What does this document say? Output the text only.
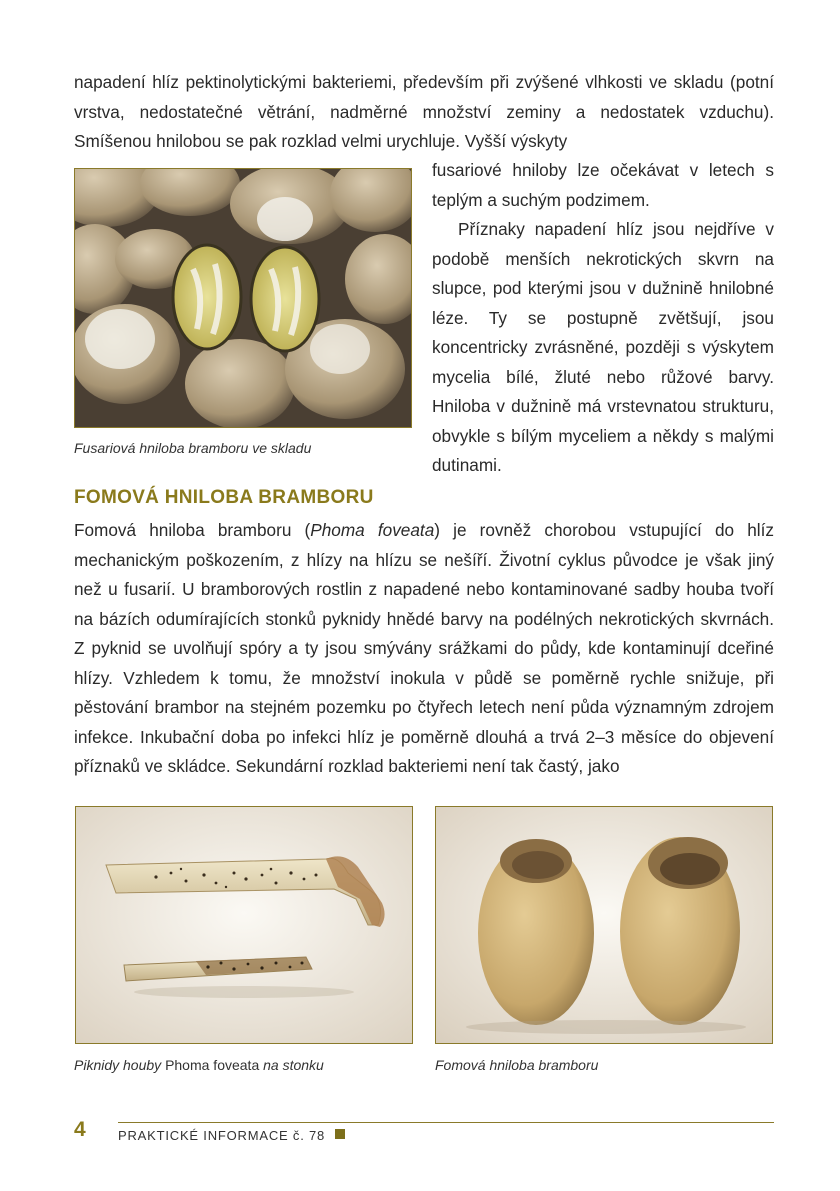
napadení hlíz pektinolytickými bakteriemi, především při zvýšené vlhkosti ve skladu (potní vrstva, nedostatečné větrání, nadměrné množství zeminy a nedostatek vzduchu). Smíšenou hnilobou se pak rozklad velmi urychluje. Vyšší výskyty

fusariové hniloby lze očekávat v letech s teplým a suchým podzimem.

Příznaky napadení hlíz jsou nejdříve v podobě menších nekrotických skvrn na slupce, pod kterými jsou v dužnině hnilobné léze. Ty se postupně zvětšují, jsou koncentricky zvrásněné, později s výskytem mycelia bílé, žluté nebo růžové barvy. Hniloba v dužnině má vrstevnatou strukturu, obvykle s bílým myceliem a někdy s malými dutinami.

Fusariová hniloba bramboru ve skladu
FOMOVÁ HNILOBA BRAMBORU

Fomová hniloba bramboru (Phoma foveata) je rovněž chorobou vstupující do hlíz mechanickým poškozením, z hlízy na hlízu se nešíří. Životní cyklus původce je však jiný než u fusarií. U bramborových rostlin z napadené nebo kontaminované sadby houba tvoří na bázích odumírajících stonků pyknidy hnědé barvy na podélných nekrotických skvrnách. Z pyknid se uvolňují spóry a ty jsou smývány srážkami do půdy, kde kontaminují dceřiné hlízy. Vzhledem k tomu, že množství inokula v půdě se poměrně rychle snižuje, při pěstování brambor na stejném pozemku po čtyřech letech není půda významným zdrojem infekce. Inkubační doba po infekci hlíz je poměrně dlouhá a trvá 2–3 měsíce do objevení příznaků ve skládce. Sekundární rozklad bakteriemi není tak častý, jako

Piknidy houby Phoma foveata na stonku	Fomová hniloba bramboru
4 PRAKTICKÉ INFORMACE č. 78
